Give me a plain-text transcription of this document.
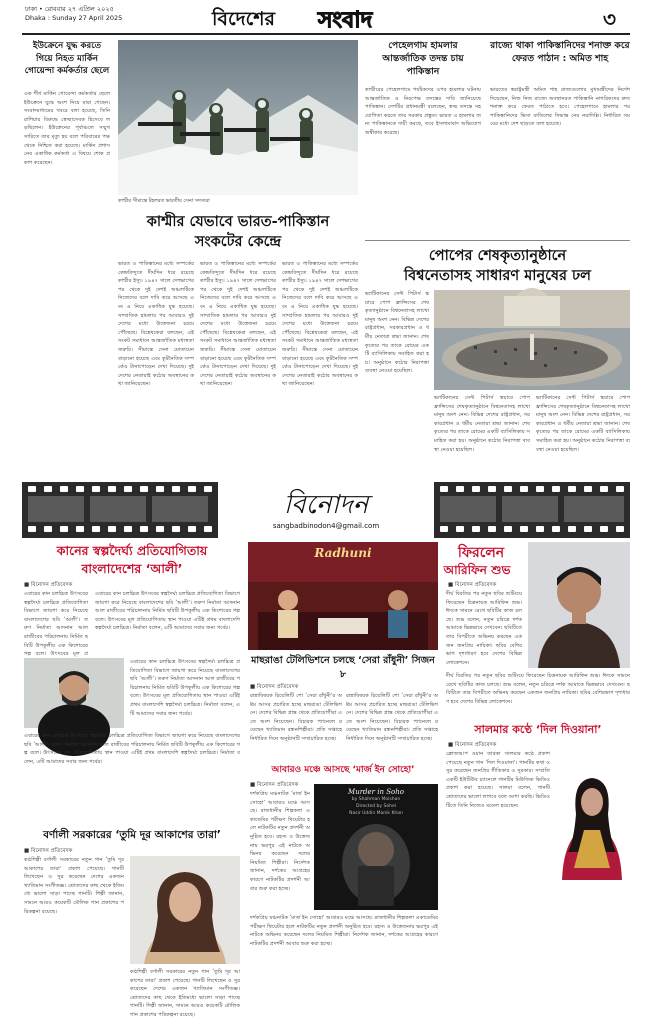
ঢাকা • রোববার ২৭ এপ্রিল ২০২৫
Dhaka : Sunday 27 April 2025	বিদেশের সংবাদ	৩
ইউক্রেনে যুদ্ধ করতে গিয়ে নিহত মার্কিন গোয়েন্দা কর্মকর্তার ছেলে
এক শীর্ষ মার্কিন গোয়েন্দা কর্মকর্তার ছেলে ইউক্রেনে যুদ্ধে অংশ নিয়ে মারা গেছেন। সংবাদমাধ্যমের খবরে বলা হয়েছে, তিনি রাশিয়ার বিরুদ্ধে স্বেচ্ছাসেবক হিসেবে লড়ছিলেন। ইউক্রেনের পূর্বাঞ্চলে সম্মুখ সারিতে তার মৃত্যু হয় বলে পরিবারের পক্ষ থেকে নিশ্চিত করা হয়েছে। মার্কিন প্রশাসনের একাধিক কর্মকর্তা এ বিষয়ে শোক প্রকাশ করেছেন।
কাশ্মীর সীমান্তে টহলরত ভারতীয় সেনা সদস্যরা
কাশ্মীর যেভাবে ভারত-পাকিস্তান
সংকটের কেন্দ্রে
ভারত ও পাকিস্তানের মধ্যে সম্পর্কের কেন্দ্রবিন্দুতে দীর্ঘদিন ধরে রয়েছে কাশ্মীর ইস্যু। ১৯৪৭ সালে দেশভাগের পর থেকে দুই দেশই অঞ্চলটিকে নিজেদের বলে দাবি করে আসছে এবং এ নিয়ে একাধিক যুদ্ধ হয়েছে। সাম্প্রতিক হামলার পর আবারও দুই দেশের মধ্যে উত্তেজনা চরমে পৌঁছেছে। বিশ্লেষকেরা বলছেন, এই সংকট সমাধানে আন্তর্জাতিক মধ্যস্থতা জরুরি। সীমান্তে সেনা মোতায়েন বাড়ানো হয়েছে এবং কূটনৈতিক সম্পর্কেও টানাপোড়েন দেখা দিয়েছে। দুই দেশের নেতারাই কঠোর অবস্থানের কথা জানিয়েছেন।
ভারত ও পাকিস্তানের মধ্যে সম্পর্কের কেন্দ্রবিন্দুতে দীর্ঘদিন ধরে রয়েছে কাশ্মীর ইস্যু। ১৯৪৭ সালে দেশভাগের পর থেকে দুই দেশই অঞ্চলটিকে নিজেদের বলে দাবি করে আসছে এবং এ নিয়ে একাধিক যুদ্ধ হয়েছে। সাম্প্রতিক হামলার পর আবারও দুই দেশের মধ্যে উত্তেজনা চরমে পৌঁছেছে। বিশ্লেষকেরা বলছেন, এই সংকট সমাধানে আন্তর্জাতিক মধ্যস্থতা জরুরি। সীমান্তে সেনা মোতায়েন বাড়ানো হয়েছে এবং কূটনৈতিক সম্পর্কেও টানাপোড়েন দেখা দিয়েছে। দুই দেশের নেতারাই কঠোর অবস্থানের কথা জানিয়েছেন।
ভারত ও পাকিস্তানের মধ্যে সম্পর্কের কেন্দ্রবিন্দুতে দীর্ঘদিন ধরে রয়েছে কাশ্মীর ইস্যু। ১৯৪৭ সালে দেশভাগের পর থেকে দুই দেশই অঞ্চলটিকে নিজেদের বলে দাবি করে আসছে এবং এ নিয়ে একাধিক যুদ্ধ হয়েছে। সাম্প্রতিক হামলার পর আবারও দুই দেশের মধ্যে উত্তেজনা চরমে পৌঁছেছে। বিশ্লেষকেরা বলছেন, এই সংকট সমাধানে আন্তর্জাতিক মধ্যস্থতা জরুরি। সীমান্তে সেনা মোতায়েন বাড়ানো হয়েছে এবং কূটনৈতিক সম্পর্কেও টানাপোড়েন দেখা দিয়েছে। দুই দেশের নেতারাই কঠোর অবস্থানের কথা জানিয়েছেন।
পেহেলগাম হামলার আন্তর্জাতিক তদন্ত চায় পাকিস্তান
কাশ্মীরের পেহেলগামে পর্যটকদের ওপর হামলার ঘটনায় আন্তর্জাতিক ও নিরপেক্ষ তদন্তের দাবি জানিয়েছে পাকিস্তান। দেশটির প্রধানমন্ত্রী বলেছেন, স্বচ্ছ তদন্তে সহযোগিতা করতে তার সরকার প্রস্তুত। ভারত এ হামলার জন্য পাকিস্তানকে দায়ী করছে, তবে ইসলামাবাদ অভিযোগ অস্বীকার করেছে।
রাজ্যে থাকা পাকিস্তানিদের শনাক্ত করে ফেরত পাঠান : অমিত শাহ
ভারতের স্বরাষ্ট্রমন্ত্রী অমিত শাহ রাজ্যগুলোর মুখ্যমন্ত্রীদের নির্দেশ দিয়েছেন, নিজ নিজ রাজ্যে অবস্থানরত পাকিস্তানি নাগরিকদের দ্রুত শনাক্ত করে ফেরত পাঠাতে হবে। পেহেলগামে হামলার পর পাকিস্তানিদের ভিসা বাতিলের সিদ্ধান্ত নেয় নয়াদিল্লি। নির্ধারিত সময়ের মধ্যে দেশ ছাড়তে বলা হয়েছে।
পোপের শেষকৃত্যানুষ্ঠানে
বিশ্বনেতাসহ সাধারণ মানুষের ঢল
ভ্যাটিকানের সেন্ট পিটার্স স্কয়ারে পোপ ফ্রান্সিসের শেষকৃত্যানুষ্ঠানে বিশ্বনেতাসহ লাখো মানুষ অংশ নেন। বিভিন্ন দেশের রাষ্ট্রপ্রধান, সরকারপ্রধান ও ধর্মীয় নেতারা শ্রদ্ধা জানান। শেষকৃত্যের পর তাকে রোমের একটি ব্যাসিলিকায় সমাহিত করা হয়। অনুষ্ঠানে কঠোর নিরাপত্তা ব্যবস্থা নেওয়া হয়েছিল।
ভ্যাটিকানের সেন্ট পিটার্স স্কয়ারে পোপ ফ্রান্সিসের শেষকৃত্যানুষ্ঠানে বিশ্বনেতাসহ লাখো মানুষ অংশ নেন। বিভিন্ন দেশের রাষ্ট্রপ্রধান, সরকারপ্রধান ও ধর্মীয় নেতারা শ্রদ্ধা জানান। শেষকৃত্যের পর তাকে রোমের একটি ব্যাসিলিকায় সমাহিত করা হয়। অনুষ্ঠানে কঠোর নিরাপত্তা ব্যবস্থা নেওয়া হয়েছিল।
ভ্যাটিকানের সেন্ট পিটার্স স্কয়ারে পোপ ফ্রান্সিসের শেষকৃত্যানুষ্ঠানে বিশ্বনেতাসহ লাখো মানুষ অংশ নেন। বিভিন্ন দেশের রাষ্ট্রপ্রধান, সরকারপ্রধান ও ধর্মীয় নেতারা শ্রদ্ধা জানান। শেষকৃত্যের পর তাকে রোমের একটি ব্যাসিলিকায় সমাহিত করা হয়। অনুষ্ঠানে কঠোর নিরাপত্তা ব্যবস্থা নেওয়া হয়েছিল।
বিনোদন
sangbadbinodon4@gmail.com
কানের স্বল্পদৈর্ঘ্য প্রতিযোগিতায়
বাংলাদেশের ‘আলী’
■ বিনোদন প্রতিবেদক
এবারের কান চলচ্চিত্র উৎসবের স্বল্পদৈর্ঘ্য চলচ্চিত্র প্রতিযোগিতা বিভাগে জায়গা করে নিয়েছে বাংলাদেশের ছবি ‘আলী’। তরুণ নির্মাতা আদনান আল রাজীবের পরিচালনায় নির্মিত ছবিটি উপকূলীয় এক কিশোরের গল্প বলে। উৎসবের মূল প্র
এবারের কান চলচ্চিত্র উৎসবের স্বল্পদৈর্ঘ্য চলচ্চিত্র প্রতিযোগিতা বিভাগে জায়গা করে নিয়েছে বাংলাদেশের ছবি ‘আলী’। তরুণ নির্মাতা আদনান আল রাজীবের পরিচালনায় নির্মিত ছবিটি উপকূলীয় এক কিশোরের গল্প বলে। উৎসবের মূল প্রতিযোগিতায় স্থান পাওয়া এটিই প্রথম বাংলাদেশি স্বল্পদৈর্ঘ্য চলচ্চিত্র। নির্মাতা বলেন, এটি আমাদের সবার জন্য গর্বের।
এবারের কান চলচ্চিত্র উৎসবের স্বল্পদৈর্ঘ্য চলচ্চিত্র প্রতিযোগিতা বিভাগে জায়গা করে নিয়েছে বাংলাদেশের ছবি ‘আলী’। তরুণ নির্মাতা আদনান আল রাজীবের পরিচালনায় নির্মিত ছবিটি উপকূলীয় এক কিশোরের গল্প বলে। উৎসবের মূল প্রতিযোগিতায় স্থান পাওয়া এটিই প্রথম বাংলাদেশি স্বল্পদৈর্ঘ্য চলচ্চিত্র। নির্মাতা বলেন, এটি আমাদের সবার জন্য গর্বের।
এবারের কান চলচ্চিত্র উৎসবের স্বল্পদৈর্ঘ্য চলচ্চিত্র প্রতিযোগিতা বিভাগে জায়গা করে নিয়েছে বাংলাদেশের ছবি ‘আলী’। তরুণ নির্মাতা আদনান আল রাজীবের পরিচালনায় নির্মিত ছবিটি উপকূলীয় এক কিশোরের গল্প বলে। উৎসবের মূল প্রতিযোগিতায় স্থান পাওয়া এটিই প্রথম বাংলাদেশি স্বল্পদৈর্ঘ্য চলচ্চিত্র। নির্মাতা বলেন, এটি আমাদের সবার জন্য গর্বের।
Radhuni
মাছরাঙা টেলিভিশনে চলছে ‘সেরা রাঁধুনী’ সিজন ৮
■ বিনোদন প্রতিবেদক
রান্নাবিষয়ক রিয়েলিটি শো ‘সেরা রাঁধুনী’র অষ্টম আসর প্রচারিত হচ্ছে মাছরাঙা টেলিভিশনে। দেশের বিভিন্ন প্রান্ত থেকে প্রতিযোগীরা এতে অংশ নিয়েছেন। বিচারক প্যানেলে রয়েছেন খ্যাতিমান রন্ধনশিল্পীরা। প্রতি সপ্তাহে নির্ধারিত দিনে অনুষ্ঠানটি সম্প্রচারিত হচ্ছে।
রান্নাবিষয়ক রিয়েলিটি শো ‘সেরা রাঁধুনী’র অষ্টম আসর প্রচারিত হচ্ছে মাছরাঙা টেলিভিশনে। দেশের বিভিন্ন প্রান্ত থেকে প্রতিযোগীরা এতে অংশ নিয়েছেন। বিচারক প্যানেলে রয়েছেন খ্যাতিমান রন্ধনশিল্পীরা। প্রতি সপ্তাহে নির্ধারিত দিনে অনুষ্ঠানটি সম্প্রচারিত হচ্ছে।
আবারও মঞ্চে আসছে ‘মার্জ ইন সোহো’
■ বিনোদন প্রতিবেদক
দর্শকপ্রিয় মঞ্চনাটক ‘মার্জ ইন সোহো’ আবারও মঞ্চে আসছে। রাজধানীর শিল্পকলা একাডেমির পরীক্ষণ থিয়েটার হলে নাটকটির নতুন প্রদর্শনী অনুষ্ঠিত হবে। রহস্য ও উত্তেজনায় ভরপুর এই নাটকে অভিনয় করেছেন দলের নিয়মিত শিল্পীরা। নির্দেশক জানান, দর্শকের আগ্রহের কারণে নাটকটির প্রদর্শনী আবার শুরু করা হচ্ছে।
Murder in Soho
by Shahman Moishan
Directed by Sohel
Nasir Uddin Manik Khan
দর্শকপ্রিয় মঞ্চনাটক ‘মার্জ ইন সোহো’ আবারও মঞ্চে আসছে। রাজধানীর শিল্পকলা একাডেমির পরীক্ষণ থিয়েটার হলে নাটকটির নতুন প্রদর্শনী অনুষ্ঠিত হবে। রহস্য ও উত্তেজনায় ভরপুর এই নাটকে অভিনয় করেছেন দলের নিয়মিত শিল্পীরা। নির্দেশক জানান, দর্শকের আগ্রহের কারণে নাটকটির প্রদর্শনী আবার শুরু করা হচ্ছে।
ফিরলেন
আরিফিন শুভ
■ বিনোদন প্রতিবেদক
দীর্ঘ বিরতির পর নতুন ছবির শুটিংয়ে ফিরেছেন চিত্রনায়ক আরিফিন শুভ। ঈদকে সামনে রেখে ছবিটির কাজ চলছে। শুভ বলেন, নতুন চরিত্রে দর্শক আমাকে ভিন্নভাবে দেখবেন। ছবিটিতে তার বিপরীতে অভিনয় করছেন একজন জনপ্রিয় নায়িকা। ছবির বেশিরভাগ দৃশ্যধারণ হবে দেশের বিভিন্ন লোকেশনে।
দীর্ঘ বিরতির পর নতুন ছবির শুটিংয়ে ফিরেছেন চিত্রনায়ক আরিফিন শুভ। ঈদকে সামনে রেখে ছবিটির কাজ চলছে। শুভ বলেন, নতুন চরিত্রে দর্শক আমাকে ভিন্নভাবে দেখবেন। ছবিটিতে তার বিপরীতে অভিনয় করছেন একজন জনপ্রিয় নায়িকা। ছবির বেশিরভাগ দৃশ্যধারণ হবে দেশের বিভিন্ন লোকেশনে।
সালমার কণ্ঠে ‘দিল দিওয়ানা’
■ বিনোদন প্রতিবেদক
ক্লোজআপ ওয়ান তারকা সালমার কণ্ঠে প্রকাশ পেয়েছে নতুন গান ‘দিল দিওয়ানা’। গানটির কথা ও সুর করেছেন জনপ্রিয় গীতিকার ও সুরকার। সম্প্রতি একটি ইউটিউব চ্যানেলে গানটির মিউজিক ভিডিও প্রকাশ করা হয়েছে। সালমা বলেন, গানটি শ্রোতাদের ভালো লাগবে বলে আশা করছি। ভিডিওটিতে তিনি নিজেও মডেল হয়েছেন।
বর্ণালী সরকারের ‘তুমি দূর আকাশের তারা’
■ বিনোদন প্রতিবেদক
কণ্ঠশিল্পী বর্ণালী সরকারের নতুন গান ‘তুমি দূর আকাশের তারা’ প্রকাশ পেয়েছে। গানটি লিখেছেন ও সুর করেছেন দেশের একজন খ্যাতিমান সংগীতজ্ঞ। শ্রোতাদের কাছ থেকে ইতিমধ্যে ভালো সাড়া পাচ্ছে গানটি। শিল্পী জানান, সামনে আরও কয়েকটি মৌলিক গান প্রকাশের পরিকল্পনা রয়েছে।
কণ্ঠশিল্পী বর্ণালী সরকারের নতুন গান ‘তুমি দূর আকাশের তারা’ প্রকাশ পেয়েছে। গানটি লিখেছেন ও সুর করেছেন দেশের একজন খ্যাতিমান সংগীতজ্ঞ। শ্রোতাদের কাছ থেকে ইতিমধ্যে ভালো সাড়া পাচ্ছে গানটি। শিল্পী জানান, সামনে আরও কয়েকটি মৌলিক গান প্রকাশের পরিকল্পনা রয়েছে।
